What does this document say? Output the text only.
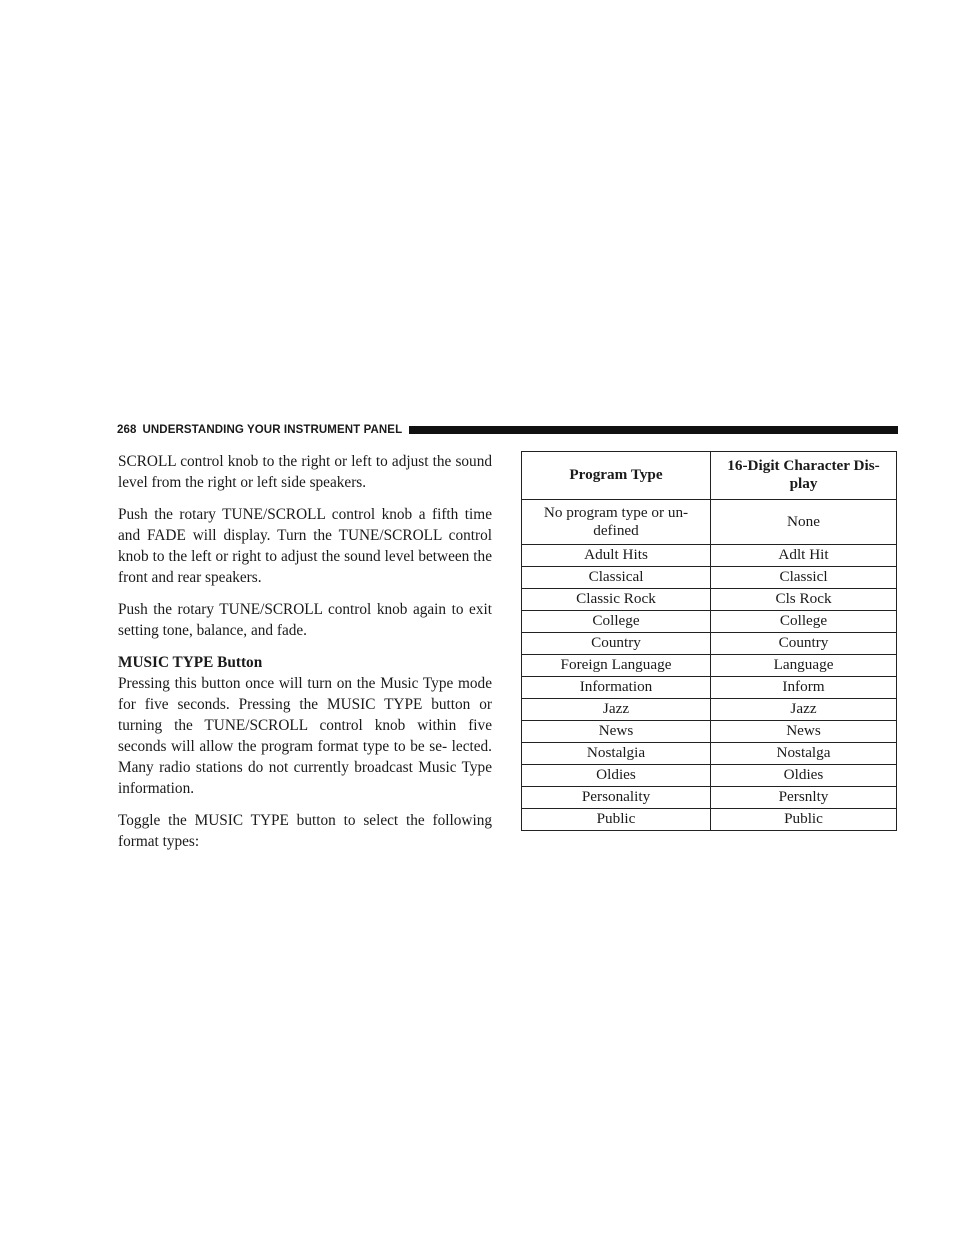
268 UNDERSTANDING YOUR INSTRUMENT PANEL

SCROLL control knob to the right or left to adjust the sound level from the right or left side speakers.

Push the rotary TUNE/SCROLL control knob a fifth time and FADE will display. Turn the TUNE/SCROLL control knob to the left or right to adjust the sound level between the front and rear speakers.

Push the rotary TUNE/SCROLL control knob again to exit setting tone, balance, and fade.

MUSIC TYPE Button

Pressing this button once will turn on the Music Type mode for five seconds. Pressing the MUSIC TYPE button or turning the TUNE/SCROLL control knob within five seconds will allow the program format type to be se- lected. Many radio stations do not currently broadcast Music Type information.

Toggle the MUSIC TYPE button to select the following format types:

Program Type	16-Digit Character Dis- play
No program type or un- defined	None
Adult Hits	Adlt Hit
Classical	Classicl
Classic Rock	Cls Rock
College	College
Country	Country
Foreign Language	Language
Information	Inform
Jazz	Jazz
News	News
Nostalgia	Nostalga
Oldies	Oldies
Personality	Persnlty
Public	Public
